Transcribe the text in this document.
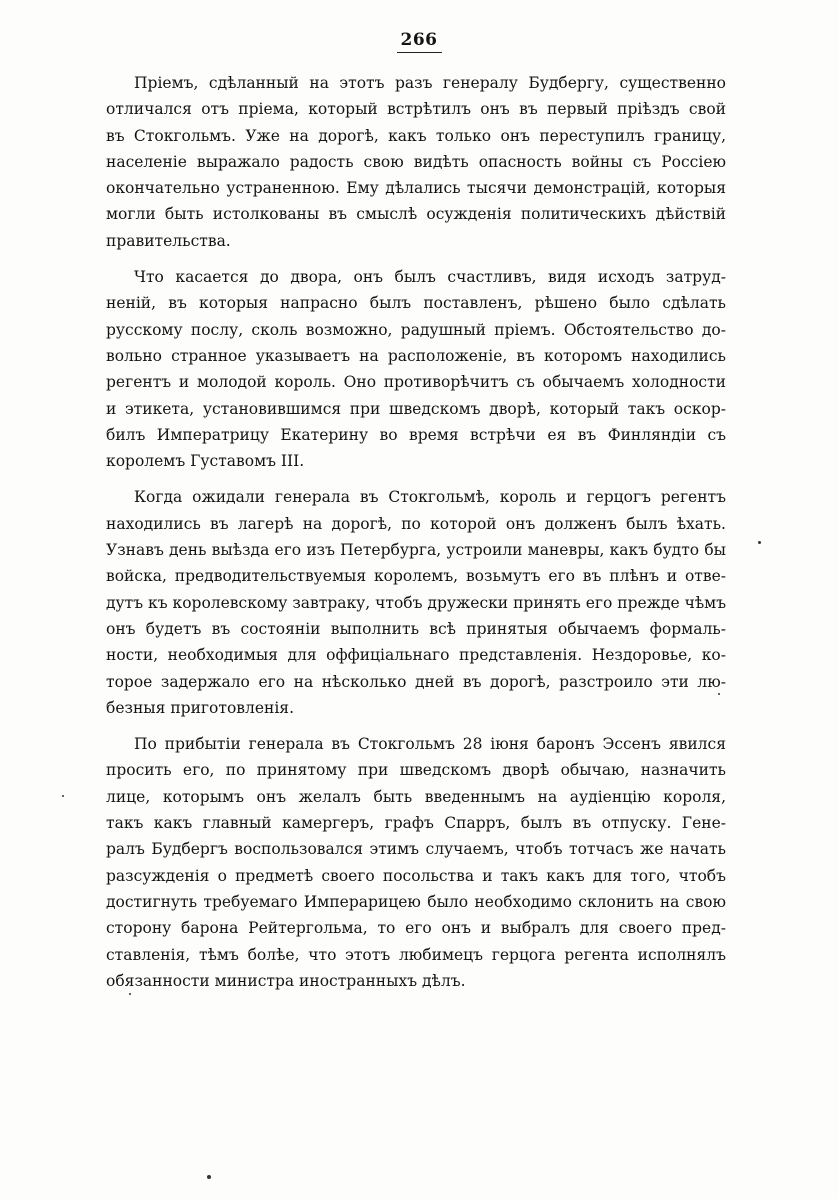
266
Пріемъ, сдѣланный на этотъ разъ генералу Будбергу, существенно
отличался отъ пріема, который встрѣтилъ онъ въ первый пріѣздъ свой
въ Стокгольмъ. Уже на дорогѣ, какъ только онъ переступилъ границу,
населеніе выражало радость свою видѣть опасность войны съ Россіею
окончательно устраненною. Ему дѣлались тысячи демонстрацій, которыя
могли быть истолкованы въ смыслѣ осужденія политическихъ дѣйствій
правительства.
Что касается до двора, онъ былъ счастливъ, видя исходъ затруд-
неній, въ которыя напрасно былъ поставленъ, рѣшено было сдѣлать
русскому послу, сколь возможно, радушный пріемъ. Обстоятельство до-
вольно странное указываетъ на расположеніе, въ которомъ находились
регентъ и молодой король. Оно противорѣчитъ съ обычаемъ холодности
и этикета, установившимся при шведскомъ дворѣ, который такъ оскор-
билъ Императрицу Екатерину во время встрѣчи ея въ Финляндіи съ
королемъ Густавомъ III.
Когда ожидали генерала въ Стокгольмѣ, король и герцогъ регентъ
находились въ лагерѣ на дорогѣ, по которой онъ долженъ былъ ѣхать.
Узнавъ день выѣзда его изъ Петербурга, устроили маневры, какъ будто бы
войска, предводительствуемыя королемъ, возьмутъ его въ плѣнъ и отве-
дутъ къ королевскому завтраку, чтобъ дружески принять его прежде чѣмъ
онъ будетъ въ состояніи выполнить всѣ принятыя обычаемъ формаль-
ности, необходимыя для оффиціальнаго представленія. Нездоровье, ко-
торое задержало его на нѣсколько дней въ дорогѣ, разстроило эти лю-
безныя приготовленія.
По прибытіи генерала въ Стокгольмъ 28 іюня баронъ Эссенъ явился
просить его, по принятому при шведскомъ дворѣ обычаю, назначить
лице, которымъ онъ желалъ быть введеннымъ на аудіенцію короля,
такъ какъ главный камергеръ, графъ Спарръ, былъ въ отпуску. Гене-
ралъ Будбергъ воспользовался этимъ случаемъ, чтобъ тотчасъ же начать
разсужденія о предметѣ своего посольства и такъ какъ для того, чтобъ
достигнуть требуемаго Имперарицею было необходимо склонить на свою
сторону барона Рейтергольма, то его онъ и выбралъ для своего пред-
ставленія, тѣмъ болѣе, что этотъ любимецъ герцога регента исполнялъ
обязанности министра иностранныхъ дѣлъ.
